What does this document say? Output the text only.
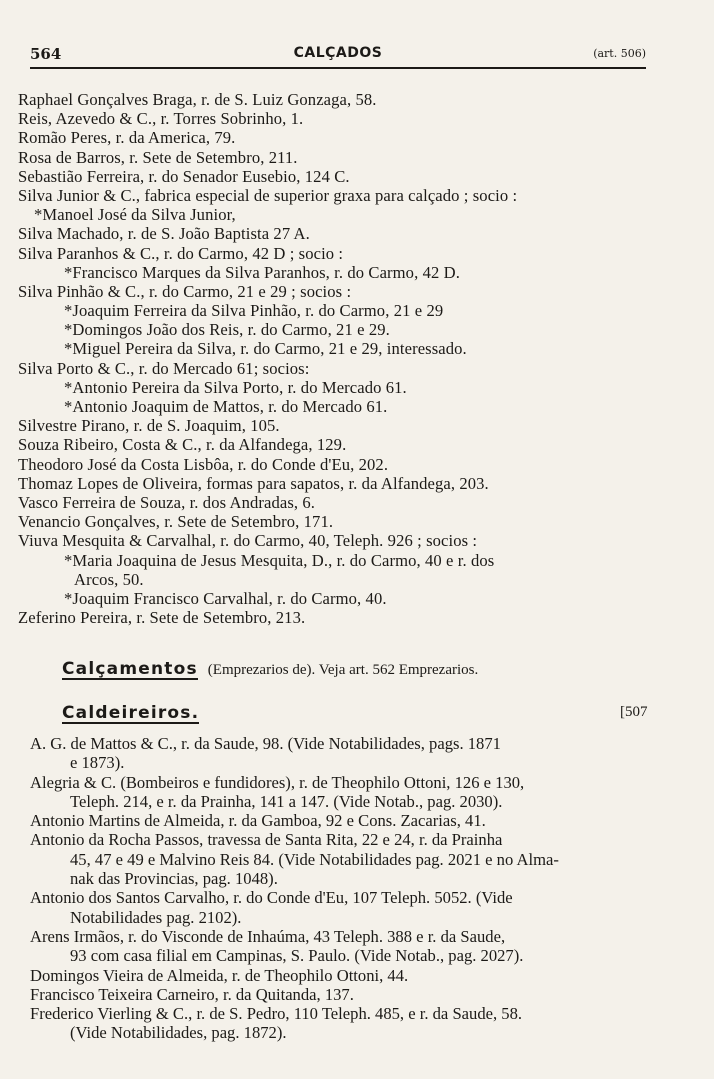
564	CALÇADOS	(art. 506)
Raphael Gonçalves Braga, r. de S. Luiz Gonzaga, 58.
Reis, Azevedo & C., r. Torres Sobrinho, 1.
Romão Peres, r. da America, 79.
Rosa de Barros, r. Sete de Setembro, 211.
Sebastião Ferreira, r. do Senador Eusebio, 124 C.
Silva Junior & C., fabrica especial de superior graxa para calçado ; socio :
*Manoel José da Silva Junior,
Silva Machado, r. de S. João Baptista 27 A.
Silva Paranhos & C., r. do Carmo, 42 D ; socio :
*Francisco Marques da Silva Paranhos, r. do Carmo, 42 D.
Silva Pinhão & C., r. do Carmo, 21 e 29 ; socios :
*Joaquim Ferreira da Silva Pinhão, r. do Carmo, 21 e 29
*Domingos João dos Reis, r. do Carmo, 21 e 29.
*Miguel Pereira da Silva, r. do Carmo, 21 e 29, interessado.
Silva Porto & C., r. do Mercado 61; socios:
*Antonio Pereira da Silva Porto, r. do Mercado 61.
*Antonio Joaquim de Mattos, r. do Mercado 61.
Silvestre Pirano, r. de S. Joaquim, 105.
Souza Ribeiro, Costa & C., r. da Alfandega, 129.
Theodoro José da Costa Lisbôa, r. do Conde d'Eu, 202.
Thomaz Lopes de Oliveira, formas para sapatos, r. da Alfandega, 203.
Vasco Ferreira de Souza, r. dos Andradas, 6.
Venancio Gonçalves, r. Sete de Setembro, 171.
Viuva Mesquita & Carvalhal, r. do Carmo, 40, Teleph. 926 ; socios :
*Maria Joaquina de Jesus Mesquita, D., r. do Carmo, 40 e r. dos
Arcos, 50.
*Joaquim Francisco Carvalhal, r. do Carmo, 40.
Zeferino Pereira, r. Sete de Setembro, 213.
Calçamentos (Emprezarios de). Veja art. 562 Emprezarios.
Caldeireiros.	[507
A. G. de Mattos & C., r. da Saude, 98. (Vide Notabilidades, pags. 1871
e 1873).
Alegria & C. (Bombeiros e fundidores), r. de Theophilo Ottoni, 126 e 130,
Teleph. 214, e r. da Prainha, 141 a 147. (Vide Notab., pag. 2030).
Antonio Martins de Almeida, r. da Gamboa, 92 e Cons. Zacarias, 41.
Antonio da Rocha Passos, travessa de Santa Rita, 22 e 24, r. da Prainha
45, 47 e 49 e Malvino Reis 84. (Vide Notabilidades pag. 2021 e no Alma-
nak das Provincias, pag. 1048).
Antonio dos Santos Carvalho, r. do Conde d'Eu, 107 Teleph. 5052. (Vide
Notabilidades pag. 2102).
Arens Irmãos, r. do Visconde de Inhaúma, 43 Teleph. 388 e r. da Saude,
93 com casa filial em Campinas, S. Paulo. (Vide Notab., pag. 2027).
Domingos Vieira de Almeida, r. de Theophilo Ottoni, 44.
Francisco Teixeira Carneiro, r. da Quitanda, 137.
Frederico Vierling & C., r. de S. Pedro, 110 Teleph. 485, e r. da Saude, 58.
(Vide Notabilidades, pag. 1872).
